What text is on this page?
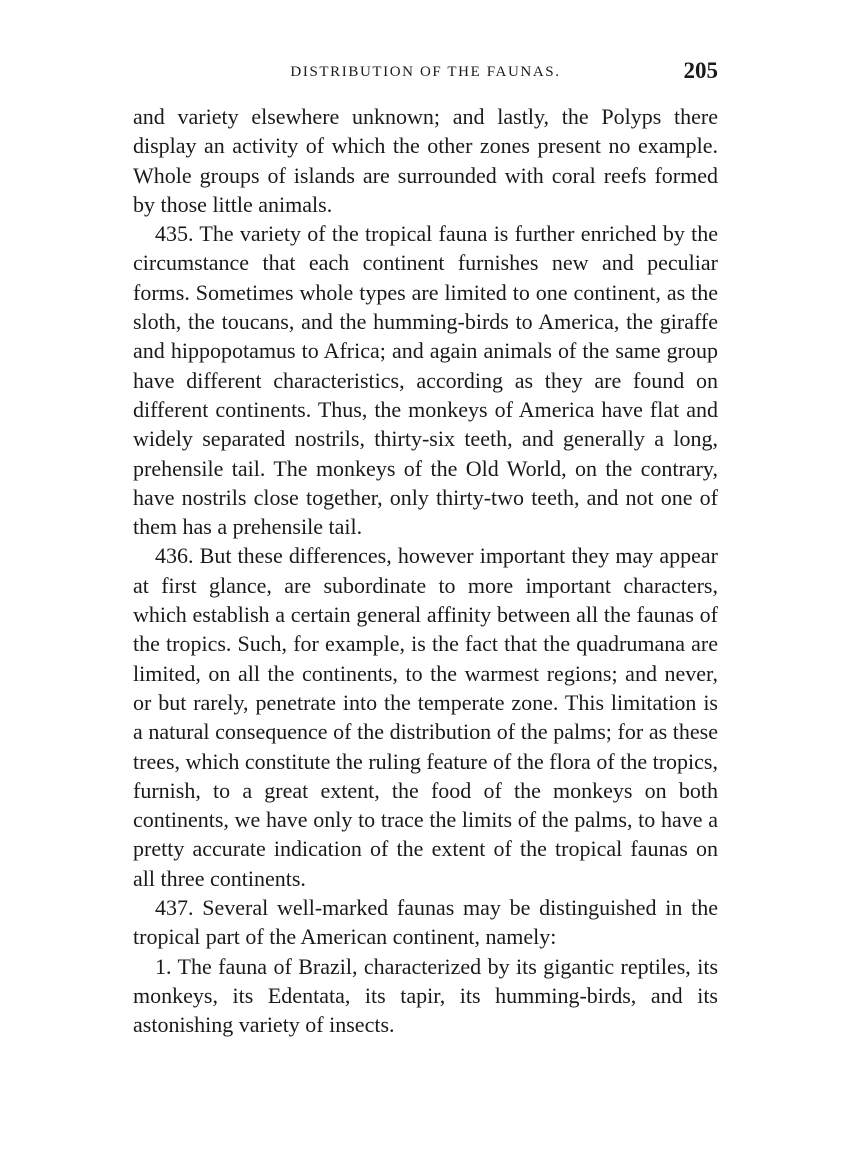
DISTRIBUTION OF THE FAUNAS.	205

and variety elsewhere unknown; and lastly, the Polyps there display an activity of which the other zones present no example. Whole groups of islands are surrounded with coral reefs formed by those little animals.

435. The variety of the tropical fauna is further enriched by the circumstance that each continent furnishes new and peculiar forms. Sometimes whole types are limited to one continent, as the sloth, the toucans, and the humming-birds to America, the giraffe and hippopotamus to Africa; and again animals of the same group have different characteristics, according as they are found on different continents. Thus, the monkeys of America have flat and widely separated nostrils, thirty-six teeth, and generally a long, prehensile tail. The monkeys of the Old World, on the contrary, have nostrils close together, only thirty-two teeth, and not one of them has a prehensile tail.

436. But these differences, however important they may appear at first glance, are subordinate to more important characters, which establish a certain general affinity between all the faunas of the tropics. Such, for example, is the fact that the quadrumana are limited, on all the continents, to the warmest regions; and never, or but rarely, penetrate into the temperate zone. This limitation is a natural consequence of the distribution of the palms; for as these trees, which constitute the ruling feature of the flora of the tropics, furnish, to a great extent, the food of the monkeys on both continents, we have only to trace the limits of the palms, to have a pretty accurate indication of the extent of the tropical faunas on all three continents.

437. Several well-marked faunas may be distinguished in the tropical part of the American continent, namely:

1. The fauna of Brazil, characterized by its gigantic reptiles, its monkeys, its Edentata, its tapir, its humming-birds, and its astonishing variety of insects.
